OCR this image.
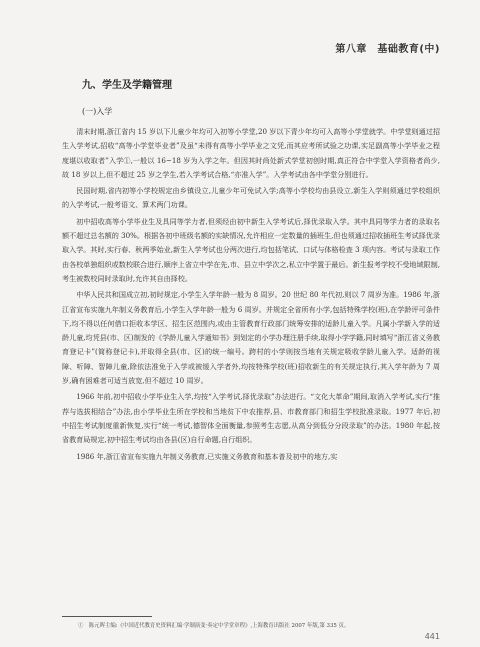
第八章　基础教育(中)
九、学生及学籍管理
(一)入学

清末时期,浙江省内 15 岁以下儿童少年均可入初等小学堂,20 岁以下青少年均可入高等小学堂就学。中学堂则通过招生入学考试,招收“高等小学堂毕业者”及虽“未得有高等小学毕业之文凭,而其应考所试验之功课,实足副高等小学毕业之程度堪以收取者”入学①,一般以 16~18 岁为入学之年。但因其时尚处新式学堂初创时期,真正符合中学堂入学资格者尚少,故 18 岁以上,但不超过 25 岁之学生,若入学考试合格,“亦准入学”。入学考试由各中学堂分别进行。

民国时期,省内初等小学校规定由乡镇设立,儿童少年可免试入学;高等小学校均由县设立,新生入学则须通过学校组织的入学考试,一般考语文、算术两门功课。

初中招收高等小学毕业生及具同等学力者,但须经由初中新生入学考试后,择优录取入学。其中具同等学力者的录取名额不超过总名额的 30%。根据各初中班级名额的实缺情况,允许相应一定数量的插班生,但也须通过招收插班生考试择优录取入学。其时,实行春、秋两季始业,新生入学考试也分两次进行,均包括笔试、口试与体格检查 3 项内容。考试与录取工作由各校单独组织或数校联合进行,顺序上省立中学在先,市、县立中学次之,私立中学置于最后。新生报考学校不受地域限制,考生被数校同时录取时,允许其自由择校。

中华人民共和国成立初,初时规定,小学生入学年龄一般为 8 周岁。20 世纪 80 年代初,则以 7 周岁为准。1986 年,浙江省宣布实施九年制义务教育后,小学生入学年龄一般为 6 周岁。并规定全省所有小学,包括特殊学校(班),在学龄评可条件下,均不得以任何借口拒收本学区、招生区范围内,或由主管教育行政部门统筹安排的适龄儿童入学。凡属小学新入学的适龄儿童,均凭县(市、区)制发的《学龄儿童入学通知书》到划定的小学办理注册手续,取得小学学籍,同时填写“浙江省义务教育登记卡”(简称登记卡),并取得全县(市、区)的统一编号。跨村的小学则按当地有关规定吸收学龄儿童入学。适龄的视障、听障、智障儿童,除依法准免于入学或被缓入学者外,均按特殊学校(班)招收新生的有关规定执行,其入学年龄为 7 周岁,确有困难者可适当放宽,但不超过 10 周岁。

1966 年前,初中招收小学毕业生入学,均按“入学考试,择优录取”办法进行。“文化大革命”期间,取消入学考试,实行“推荐与选拔相结合”办法,由小学毕业生所在学校和当地贫下中农推荐,县、市教育部门和招生学校批准录取。1977 年后,初中招生考试制度重新恢复,实行“统一考试,德智体全面衡量,参照考生志愿,从高分到低分分段录取”的办法。1980 年起,按省教育局规定,初中招生考试均由各县(区)自行命题,自行组织。

1986 年,浙江省宣布实施九年制义务教育,已实施义务教育和基本普及初中的地方,实

①　陈元晖主编:《中国近代教育史资料汇编·学制演变·奏定中学堂章程》,上海教育出版社 2007 年版,第 335 页。
441
